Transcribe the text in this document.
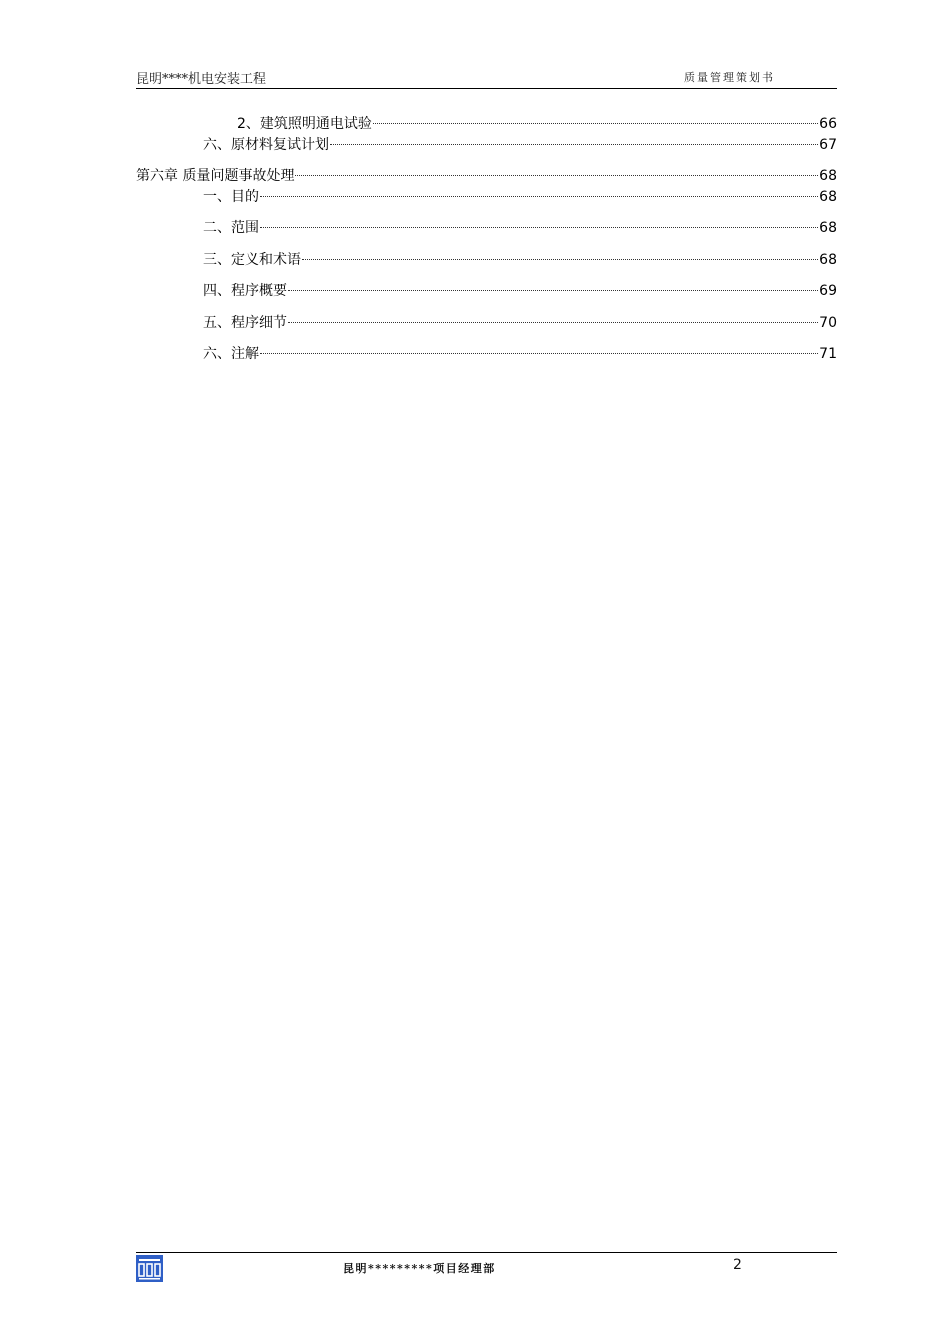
昆明****机电安装工程	质量管理策划书
2、建筑照明通电试验	66
六、原材料复试计划	67
第六章 质量问题事故处理	68
一、目的	68
二、范围	68
三、定义和术语	68
四、程序概要	69
五、程序细节	70
六、注解	71
昆明*********项目经理部	2
